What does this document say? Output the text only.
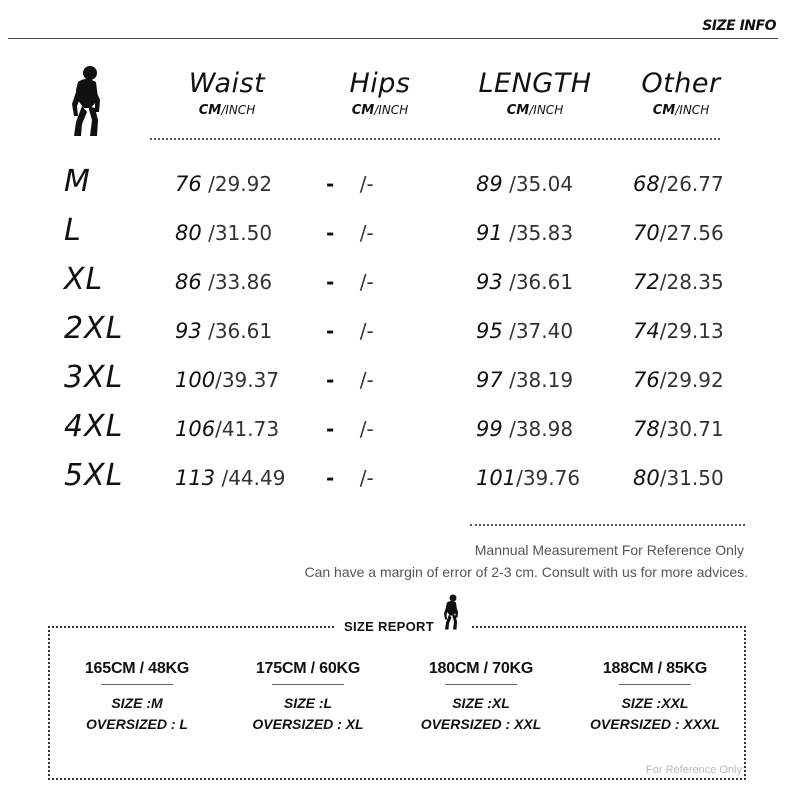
SIZE INFO
Waist
CM/INCH
Hips
CM/INCH
LENGTH
CM/INCH
Other
CM/INCH
M	76 /29.92	- /-	89 /35.04	68/26.77
L	80 /31.50	- /-	91 /35.83	70/27.56
XL	86 /33.86	- /-	93 /36.61	72/28.35
2XL 93 /36.61	- /-	95 /37.40	74/29.13
3XL 100/39.37 - /-	97 /38.19	76/29.92
4XL 106/41.73 - /-	99 /38.98	78/30.71
5XL 113 /44.49 - /-	101/39.76	80/31.50
Mannual Measurement For Reference Only
Can have a margin of error of 2-3 cm. Consult with us for more advices.
SIZE REPORT
165CM / 48KG
SIZE :M
OVERSIZED : L
175CM / 60KG
SIZE :L
OVERSIZED : XL
180CM / 70KG
SIZE :XL
OVERSIZED : XXL
188CM / 85KG
SIZE :XXL
OVERSIZED : XXXL
For Reference Only
